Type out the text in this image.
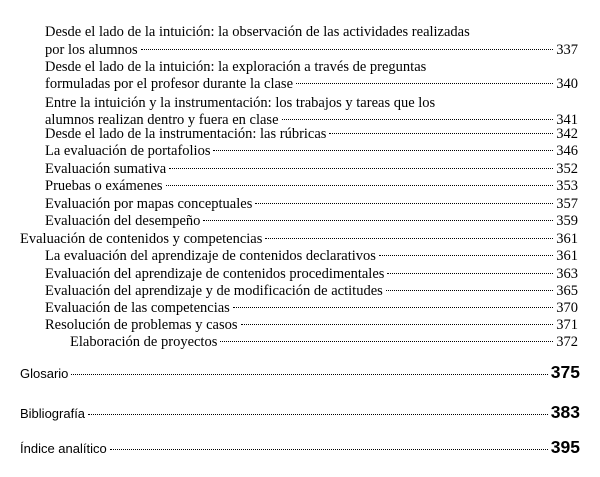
Desde el lado de la intuición: la observación de las actividades realizadas
por los alumnos	337
Desde el lado de la intuición: la exploración a través de preguntas
formuladas por el profesor durante la clase	340
Entre la intuición y la instrumentación: los trabajos y tareas que los
alumnos realizan dentro y fuera en clase	341
Desde el lado de la instrumentación: las rúbricas	342
La evaluación de portafolios	346
Evaluación sumativa	352
Pruebas o exámenes	353
Evaluación por mapas conceptuales	357
Evaluación del desempeño	359
Evaluación de contenidos y competencias	361
La evaluación del aprendizaje de contenidos declarativos	361
Evaluación del aprendizaje de contenidos procedimentales	363
Evaluación del aprendizaje y de modificación de actitudes	365
Evaluación de las competencias	370
Resolución de problemas y casos	371
Elaboración de proyectos	372
Glosario	375
Bibliografía	383
Índice analítico	395
